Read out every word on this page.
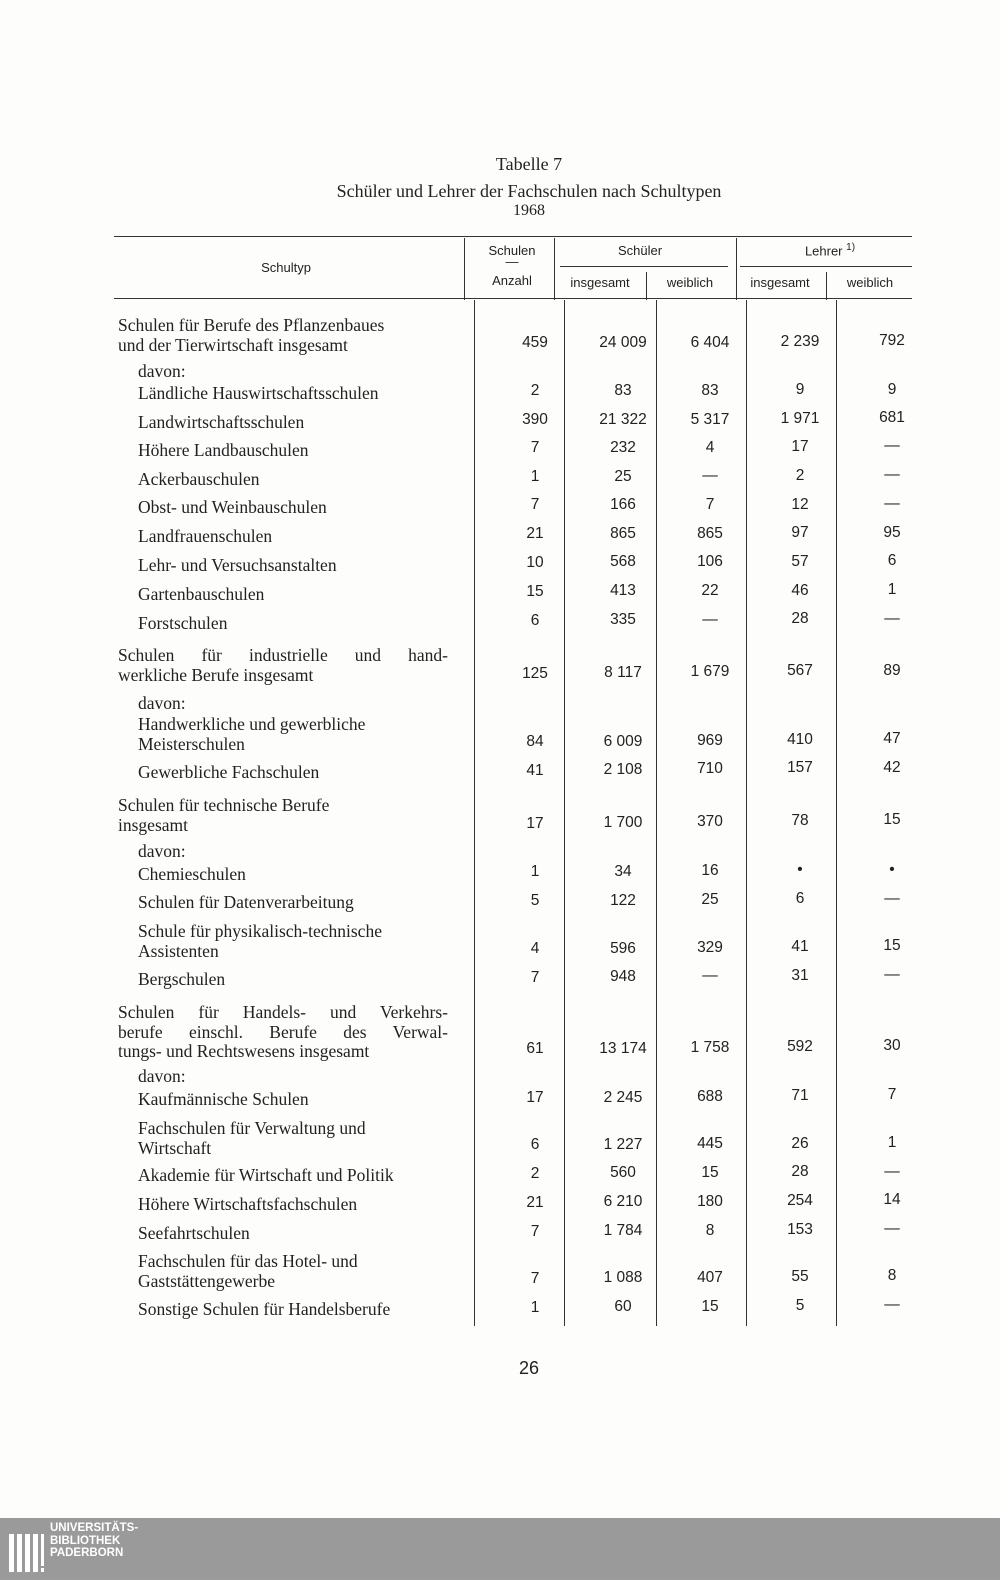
Tabelle 7
Schüler und Lehrer der Fachschulen nach Schultypen
1968
Schultyp
Schulen
—
Anzahl
Schüler	Lehrer $^{1)}$
insgesamt	weiblich	insgesamt	weiblich
Schulen für Berufe des Pflanzenbaues
und der Tierwirtschaft insgesamt	459	24 009	6 404	2 239	792
davon:
Ländliche Hauswirtschaftsschulen	2	83	83	9	9
Landwirtschaftsschulen	390	21 322	5 317	1 971	681
Höhere Landbauschulen	7	232	4	17	—
Ackerbauschulen	1	25	—	2	—
Obst- und Weinbauschulen	7	166	7	12	—
Landfrauenschulen	21	865	865	97	95
Lehr- und Versuchsanstalten	10	568	106	57	6
Gartenbauschulen	15	413	22	46	1
Forstschulen	6	335	—	28	—
Schulen für industrielle und hand-
werkliche Berufe insgesamt	125	8 117	1 679	567	89
davon:
Handwerkliche und gewerbliche
Meisterschulen	84	6 009	969	410	47
Gewerbliche Fachschulen	41	2 108	710	157	42
Schulen für technische Berufe
insgesamt	17	1 700	370	78	15
davon:
Chemieschulen	1	34	16	•	•
Schulen für Datenverarbeitung	5	122	25	6	—
Schule für physikalisch-technische
Assistenten	4	596	329	41	15
Bergschulen	7	948	—	31	—
Schulen für Handels- und Verkehrs-
berufe einschl. Berufe des Verwal-
tungs- und Rechtswesens insgesamt	61	13 174	1 758	592	30
davon:
Kaufmännische Schulen	17	2 245	688	71	7
Fachschulen für Verwaltung und
Wirtschaft	6	1 227	445	26	1
Akademie für Wirtschaft und Politik	2	560	15	28	—
Höhere Wirtschaftsfachschulen	21	6 210	180	254	14
Seefahrtschulen	7	1 784	8	153	—
Fachschulen für das Hotel- und
Gaststättengewerbe	7	1 088	407	55	8
Sonstige Schulen für Handelsberufe	1	60	15	5	—
26
UNIVERSITÄTS-
BIBLIOTHEK
PADERBORN
